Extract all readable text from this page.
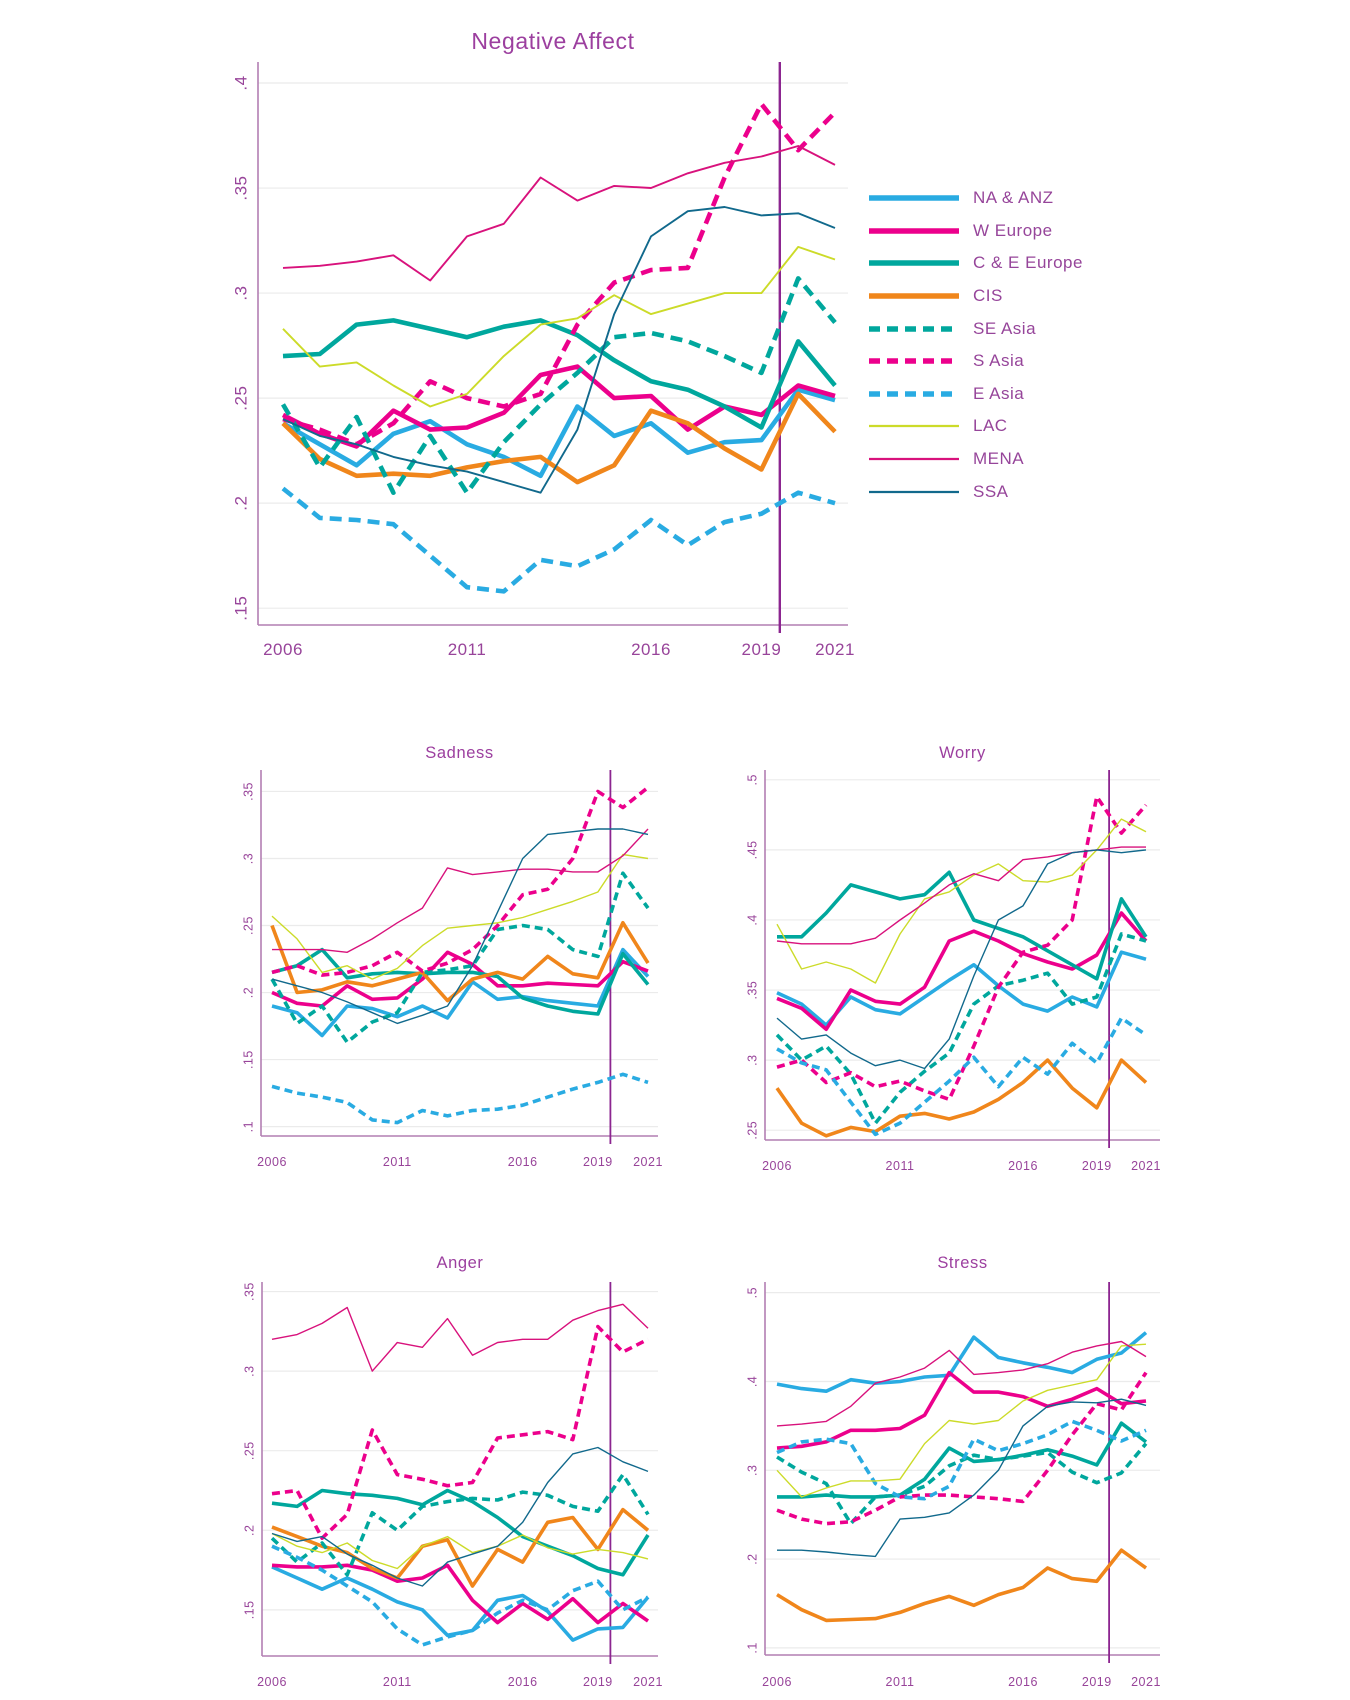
.15
.2
.25
.3
.35
.4
2006	2011	2016	2019 2021
.1
.15
.2
.25
.3
.35
2006	2011	2016	2019 2021
.25
.3
.35
.4
.45
.5
2006	2011	2016	2019 2021
.15
.2
.25
.3
.35
2006	2011	2016	2019 2021
.1
.2
.3
.4
.5
2006	2011	2016	2019 2021
Negative Affect
Sadness	Worry
Anger	Stress
NA & ANZ
W Europe
C & E Europe
CIS
SE Asia
S Asia
E Asia
LAC
MENA
SSA
